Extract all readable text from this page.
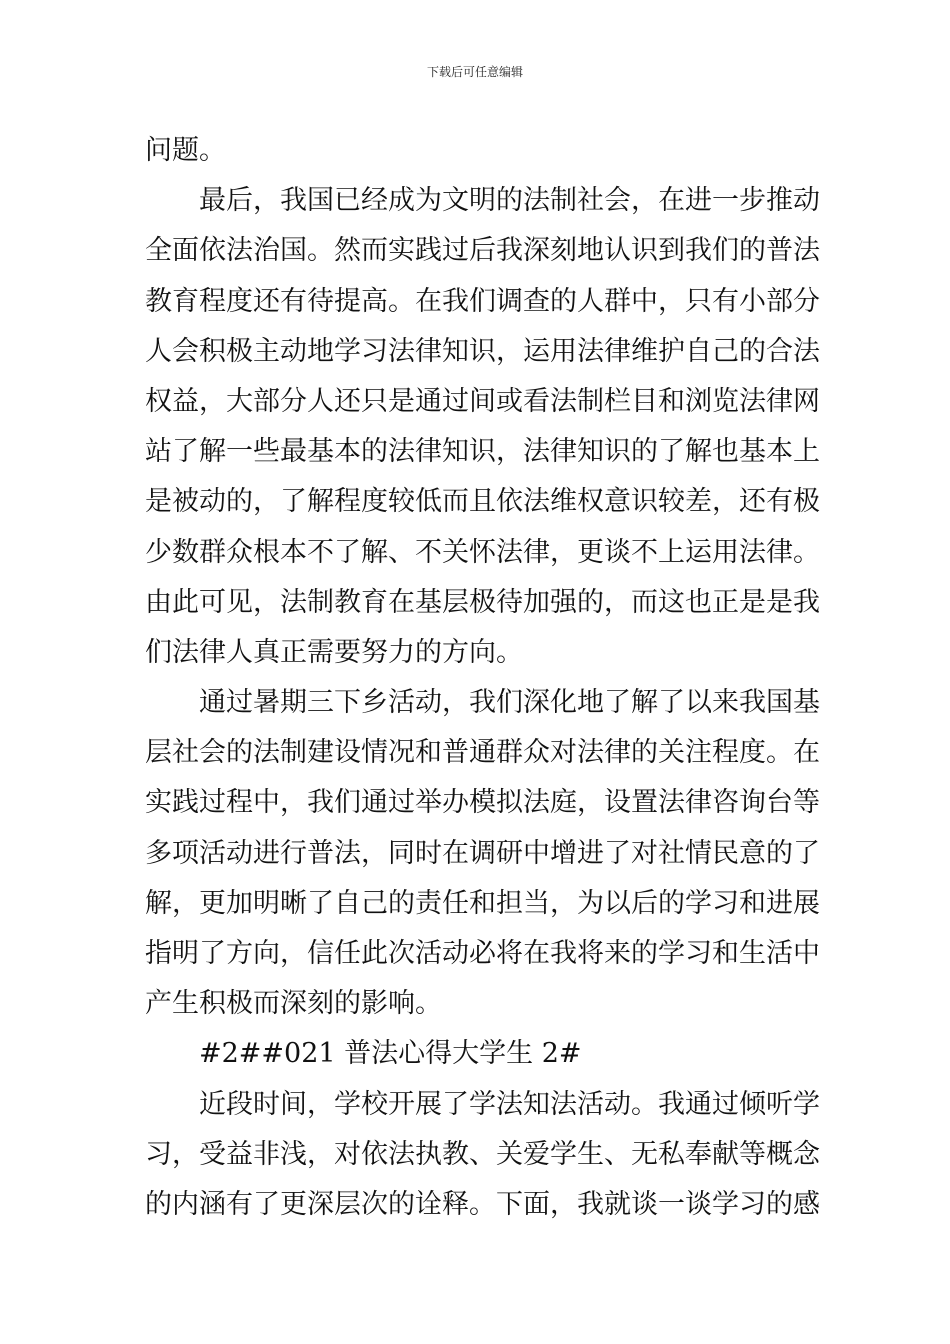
下载后可任意编辑
问题。
最后，我国已经成为文明的法制社会，在进一步推动
全面依法治国。然而实践过后我深刻地认识到我们的普法
教育程度还有待提高。在我们调查的人群中，只有小部分
人会积极主动地学习法律知识，运用法律维护自己的合法
权益，大部分人还只是通过间或看法制栏目和浏览法律网
站了解一些最基本的法律知识，法律知识的了解也基本上
是被动的，了解程度较低而且依法维权意识较差，还有极
少数群众根本不了解、不关怀法律，更谈不上运用法律。
由此可见，法制教育在基层极待加强的，而这也正是是我
们法律人真正需要努力的方向。
通过暑期三下乡活动，我们深化地了解了以来我国基
层社会的法制建设情况和普通群众对法律的关注程度。在
实践过程中，我们通过举办模拟法庭，设置法律咨询台等
多项活动进行普法，同时在调研中增进了对社情民意的了
解，更加明晰了自己的责任和担当，为以后的学习和进展
指明了方向，信任此次活动必将在我将来的学习和生活中
产生积极而深刻的影响。
#2##021 普法心得大学生 2#
近段时间，学校开展了学法知法活动。我通过倾听学
习，受益非浅，对依法执教、关爱学生、无私奉献等概念
的内涵有了更深层次的诠释。下面，我就谈一谈学习的感
